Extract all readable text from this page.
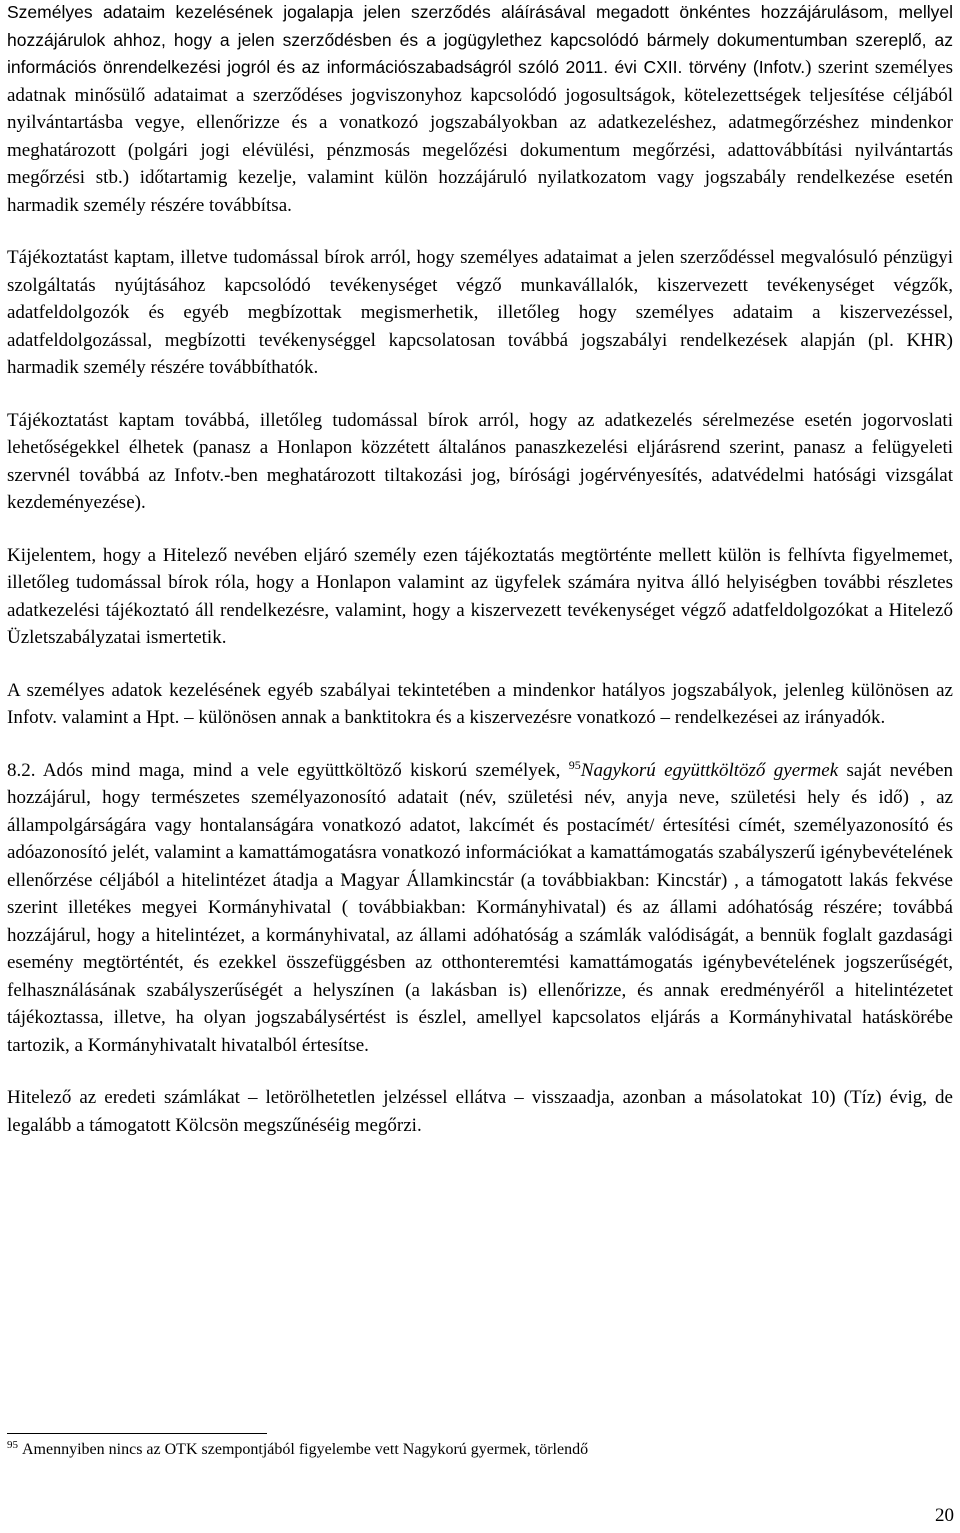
Személyes adataim kezelésének jogalapja jelen szerződés aláírásával megadott önkéntes hozzájárulásom, mellyel hozzájárulok ahhoz, hogy a jelen szerződésben és a jogügylethez kapcsolódó bármely dokumentumban szereplő, az információs önrendelkezési jogról és az információszabadságról szóló 2011. évi CXII. törvény (Infotv.) szerint személyes adatnak minősülő adataimat a szerződéses jogviszonyhoz kapcsolódó jogosultságok, kötelezettségek teljesítése céljából nyilvántartásba vegye, ellenőrizze és a vonatkozó jogszabályokban az adatkezeléshez, adatmegőrzéshez mindenkor meghatározott (polgári jogi elévülési, pénzmosás megelőzési dokumentum megőrzési, adattovábbítási nyilvántartás megőrzési stb.) időtartamig kezelje, valamint külön hozzájáruló nyilatkozatom vagy jogszabály rendelkezése esetén harmadik személy részére továbbítsa.

Tájékoztatást kaptam, illetve tudomással bírok arról, hogy személyes adataimat a jelen szerződéssel megvalósuló pénzügyi szolgáltatás nyújtásához kapcsolódó tevékenységet végző munkavállalók, kiszervezett tevékenységet végzők, adatfeldolgozók és egyéb megbízottak megismerhetik, illetőleg hogy személyes adataim a kiszervezéssel, adatfeldolgozással, megbízotti tevékenységgel kapcsolatosan továbbá jogszabályi rendelkezések alapján (pl. KHR) harmadik személy részére továbbíthatók.

Tájékoztatást kaptam továbbá, illetőleg tudomással bírok arról, hogy az adatkezelés sérelmezése esetén jogorvoslati lehetőségekkel élhetek (panasz a Honlapon közzétett általános panaszkezelési eljárásrend szerint, panasz a felügyeleti szervnél továbbá az Infotv.-ben meghatározott tiltakozási jog, bírósági jogérvényesítés, adatvédelmi hatósági vizsgálat kezdeményezése).

Kijelentem, hogy a Hitelező nevében eljáró személy ezen tájékoztatás megtörténte mellett külön is felhívta figyelmemet, illetőleg tudomással bírok róla, hogy a Honlapon valamint az ügyfelek számára nyitva álló helyiségben további részletes adatkezelési tájékoztató áll rendelkezésre, valamint, hogy a kiszervezett tevékenységet végző adatfeldolgozókat a Hitelező Üzletszabályzatai ismertetik.

A személyes adatok kezelésének egyéb szabályai tekintetében a mindenkor hatályos jogszabályok, jelenleg különösen az Infotv. valamint a Hpt. – különösen annak a banktitokra és a kiszervezésre vonatkozó – rendelkezései az irányadók.

8.2. Adós mind maga, mind a vele együttköltöző kiskorú személyek, $^{95}$Nagykorú együttköltöző gyermek saját nevében hozzájárul, hogy természetes személyazonosító adatait (név, születési név, anyja neve, születési hely és idő) , az állampolgárságára vagy hontalanságára vonatkozó adatot, lakcímét és postacímét/ értesítési címét, személyazonosító és adóazonosító jelét, valamint a kamattámogatásra vonatkozó információkat a kamattámogatás szabályszerű igénybevételének ellenőrzése céljából a hitelintézet átadja a Magyar Államkincstár (a továbbiakban: Kincstár) , a támogatott lakás fekvése szerint illetékes megyei Kormányhivatal ( továbbiakban: Kormányhivatal) és az állami adóhatóság részére; továbbá hozzájárul, hogy a hitelintézet, a kormányhivatal, az állami adóhatóság a számlák valódiságát, a bennük foglalt gazdasági esemény megtörténtét, és ezekkel összefüggésben az otthonteremtési kamattámogatás igénybevételének jogszerűségét, felhasználásának szabályszerűségét a helyszínen (a lakásban is) ellenőrizze, és annak eredményéről a hitelintézetet tájékoztassa, illetve, ha olyan jogszabálysértést is észlel, amellyel kapcsolatos eljárás a Kormányhivatal hatáskörébe tartozik, a Kormányhivatalt hivatalból értesítse.

Hitelező az eredeti számlákat – letörölhetetlen jelzéssel ellátva – visszaadja, azonban a másolatokat 10) (Tíz) évig, de legalább a támogatott Kölcsön megszűnéséig megőrzi.

$^{95}$ Amennyiben nincs az OTK szempontjából figyelembe vett Nagykorú gyermek, törlendő
20
